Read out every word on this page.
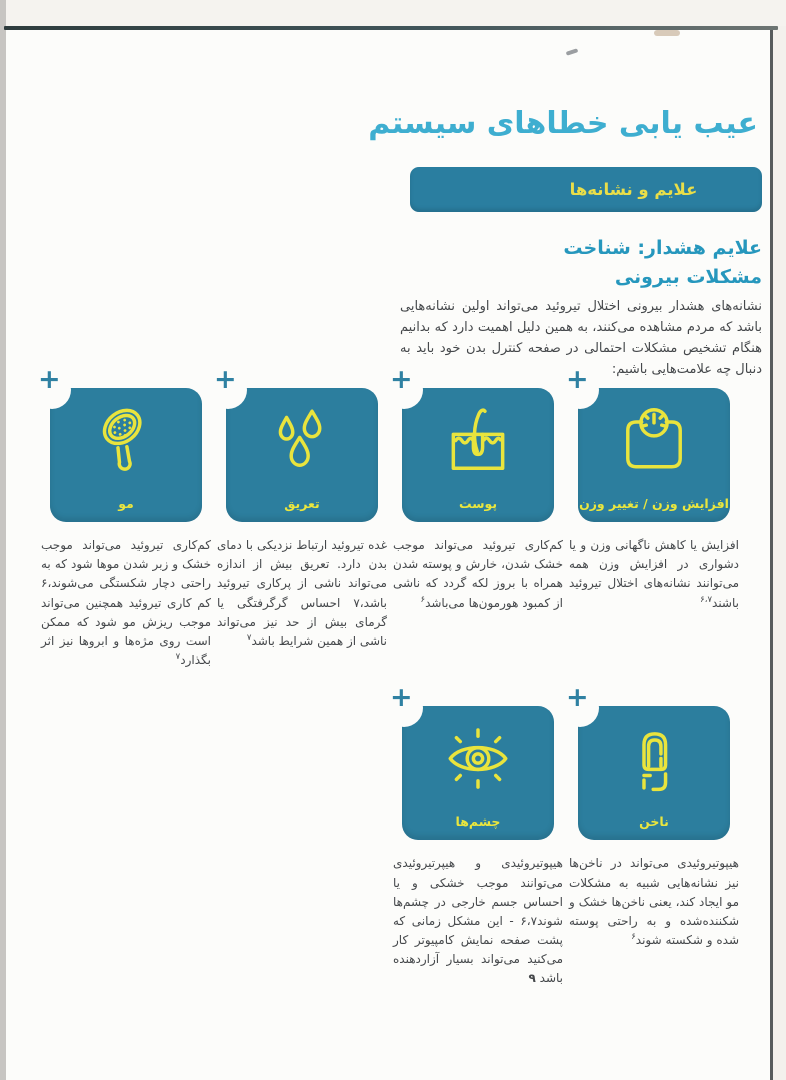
عیب یابی خطاهای سیستم
علایم و نشانه‌ها
علایم هشدار: شناخت
مشکلات بیرونی

نشانه‌های هشدار بیرونی اختلال تیروئید می‌تواند اولین نشانه‌هایی باشد که مردم مشاهده می‌کنند، به همین دلیل اهمیت دارد که بدانیم هنگام تشخیص مشکلات احتمالی در صفحه کنترل بدن خود باید به دنبال چه علامت‌هایی باشیم:

+
افزایش وزن / تغییر وزن
+
پوست
+
تعریق
+
مو

افزایش یا کاهش ناگهانی وزن و یا دشواری در افزایش وزن همه می‌توانند نشانه‌های اختلال تیروئید باشند$^{۶،۷}$

کم‌کاری تیروئید می‌تواند موجب خشک شدن، خارش و پوسته شدن همراه با بروز لکه گردد که ناشی از کمبود هورمون‌ها می‌باشد$^۶$

غده تیروئید ارتباط نزدیکی با دمای بدن دارد. تعریق بیش از اندازه می‌تواند ناشی از پرکاری تیروئید باشد،۷ احساس گرگرفتگی یا گرمای بیش از حد نیز می‌تواند ناشی از همین شرایط باشد$^۷$

کم‌کاری تیروئید می‌تواند موجب خشک و زبر شدن موها شود که به راحتی دچار شکستگی می‌شوند،۶ کم کاری تیروئید همچنین می‌تواند موجب ریزش مو شود که ممکن است روی مژه‌ها و ابروها نیز اثر بگذارد$^۷$

+
ناخن
+
چشم‌ها

هیپوتیروئیدی می‌تواند در ناخن‌ها نیز نشانه‌هایی شبیه به مشکلات مو ایجاد کند، یعنی ناخن‌ها خشک و شکننده‌شده و به راحتی پوسته شده و شکسته شوند$^۶$

هیپوتیروئیدی و هیپرتیروئیدی می‌توانند موجب خشکی و یا احساس جسم خارجی در چشم‌ها شوند۶،۷ - این مشکل زمانی که پشت صفحه نمایش کامپیوتر کار می‌کنید می‌تواند بسیار آزاردهنده باشد ۹
